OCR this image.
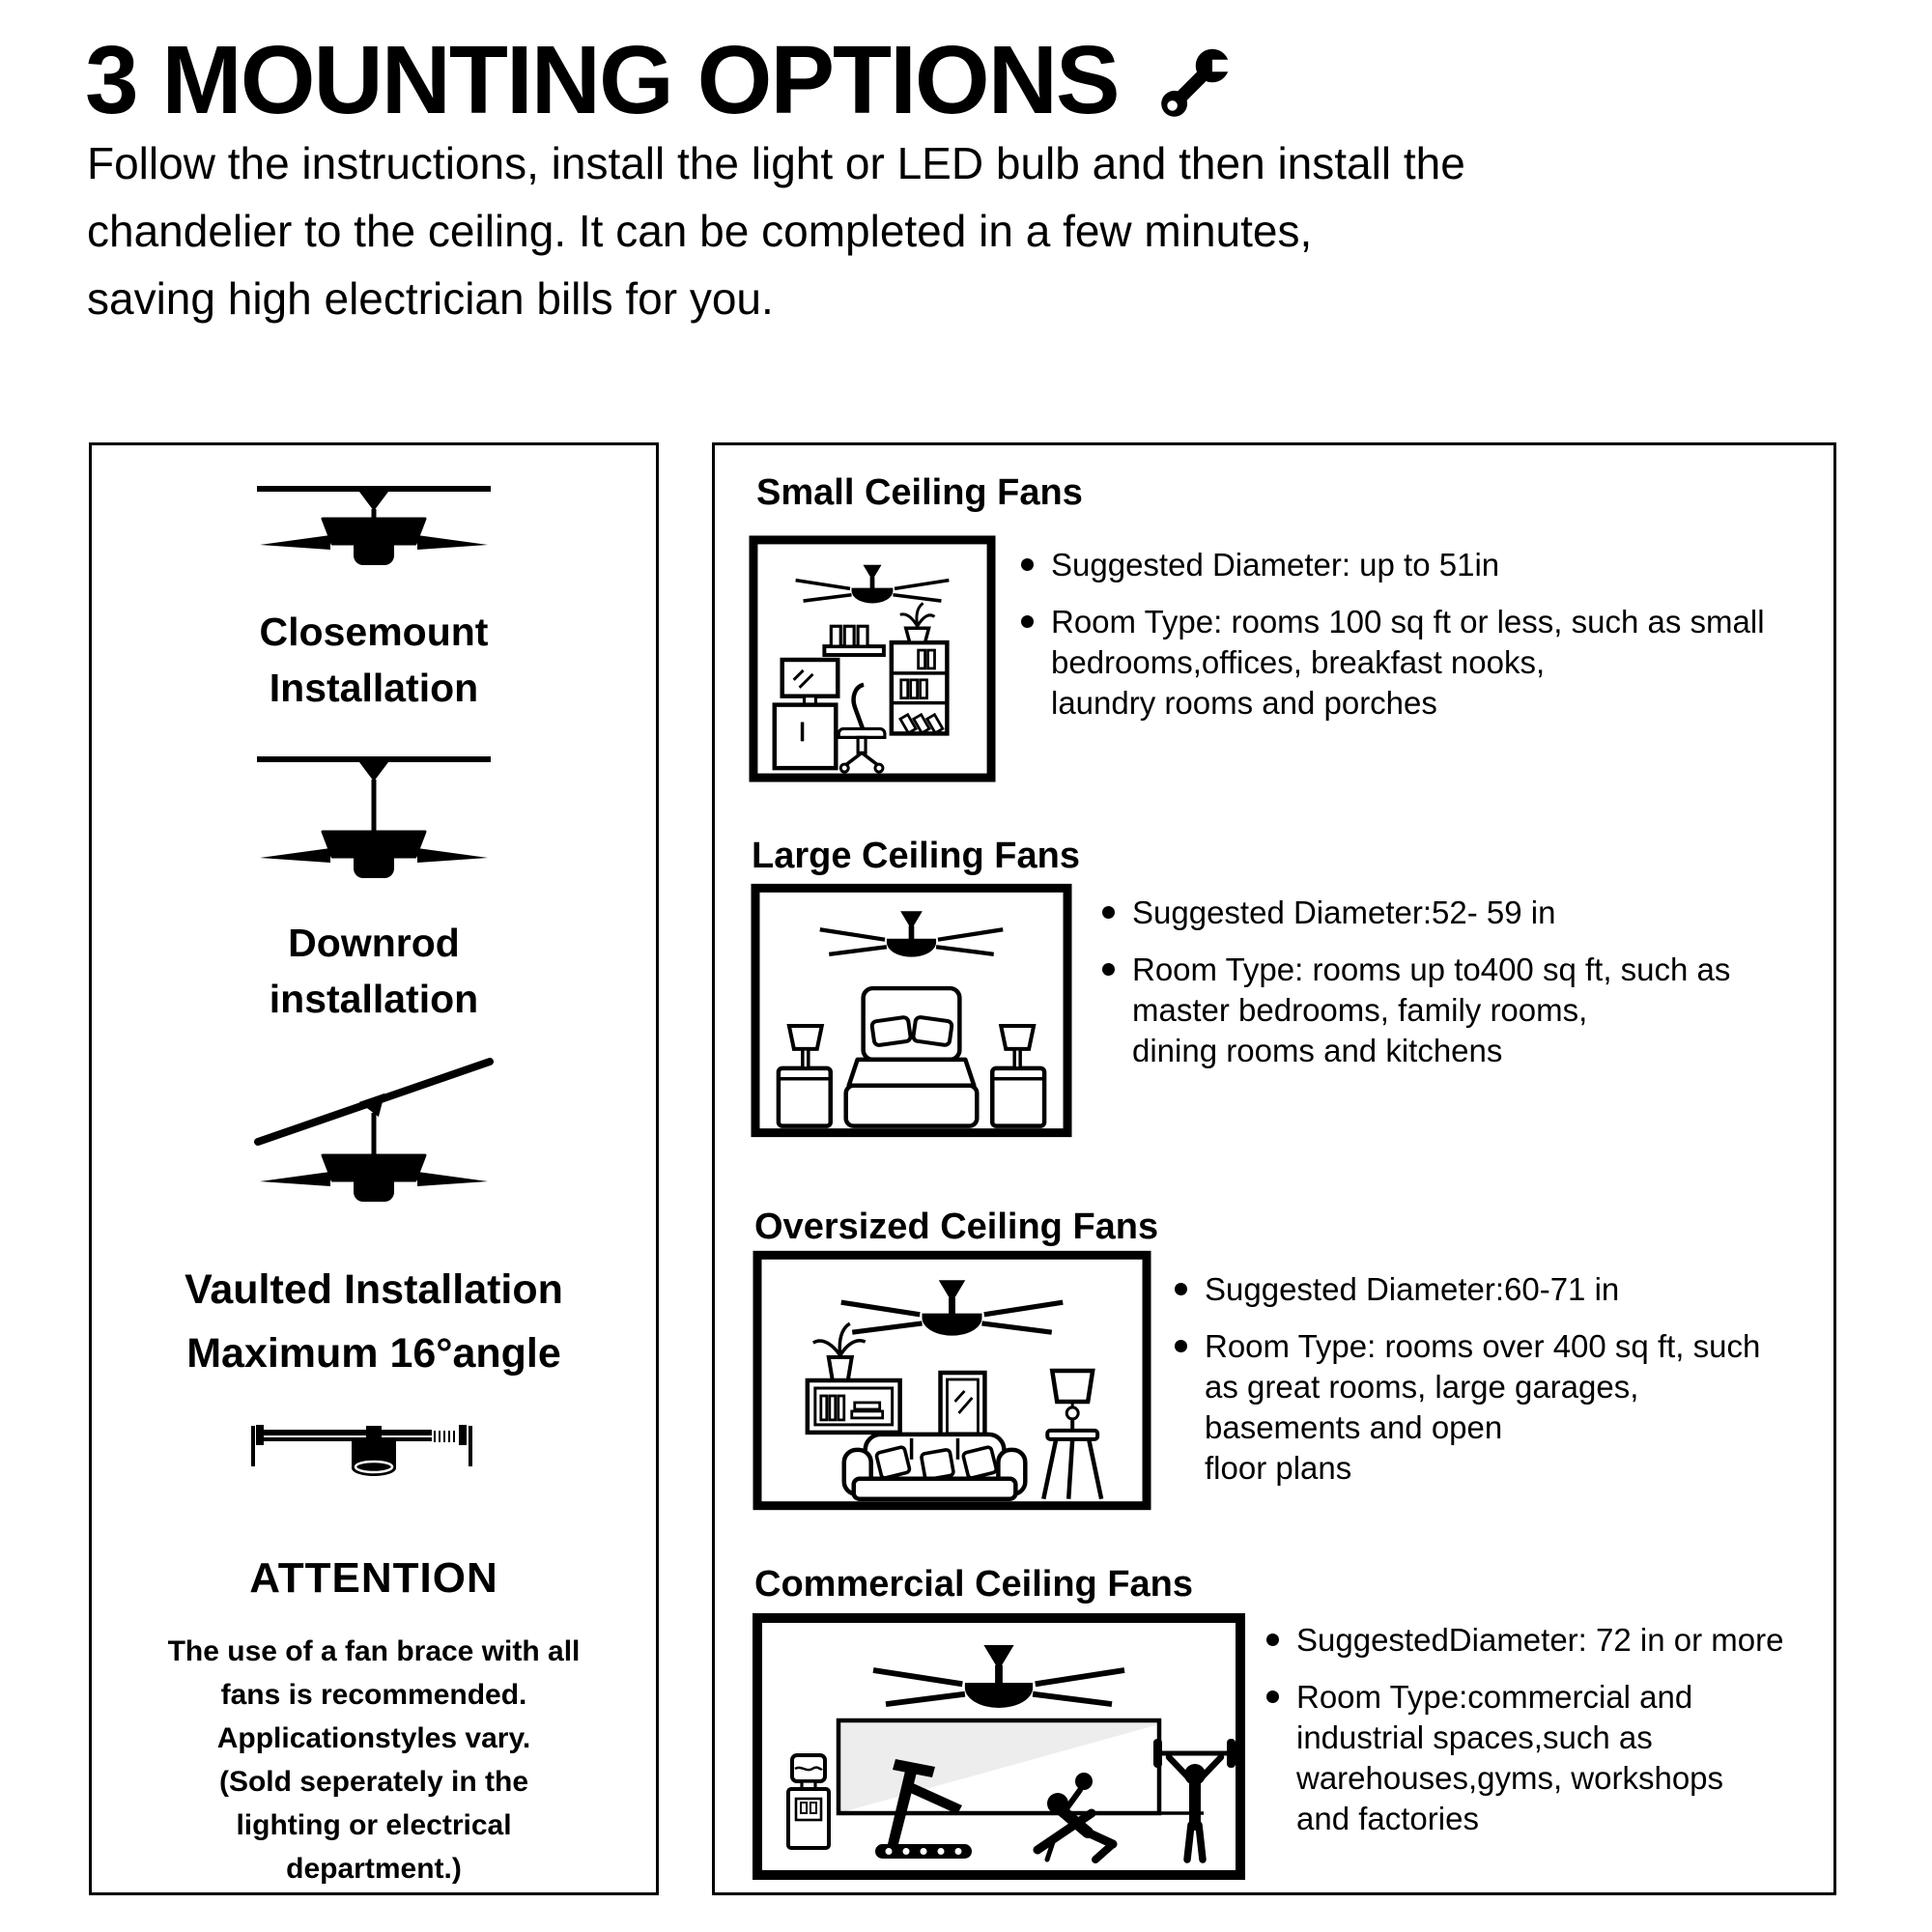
3 MOUNTING OPTIONS
Follow the instructions, install the light or LED bulb and then install the
chandelier to the ceiling. It can be completed in a few minutes,
saving high electrician bills for you.
Closemount
Installation
Downrod
installation
Vaulted Installation
Maximum 16°angle
ATTENTION
The use of a fan brace with all
fans is recommended.
Applicationstyles vary.
(Sold seperately in the
lighting or electrical
department.)
Small Ceiling Fans
Suggested Diameter: up to 51in
Room Type: rooms 100 sq ft or less, such as small
bedrooms,offices, breakfast nooks,
laundry rooms and porches
Large Ceiling Fans
Suggested Diameter:52- 59 in
Room Type: rooms up to400 sq ft, such as
master bedrooms, family rooms,
dining rooms and kitchens
Oversized Ceiling Fans
Suggested Diameter:60-71 in
Room Type: rooms over 400 sq ft, such
as great rooms, large garages,
basements and open
floor plans
Commercial Ceiling Fans
SuggestedDiameter: 72 in or more
Room Type:commercial and
industrial spaces,such as
warehouses,gyms, workshops
and factories
